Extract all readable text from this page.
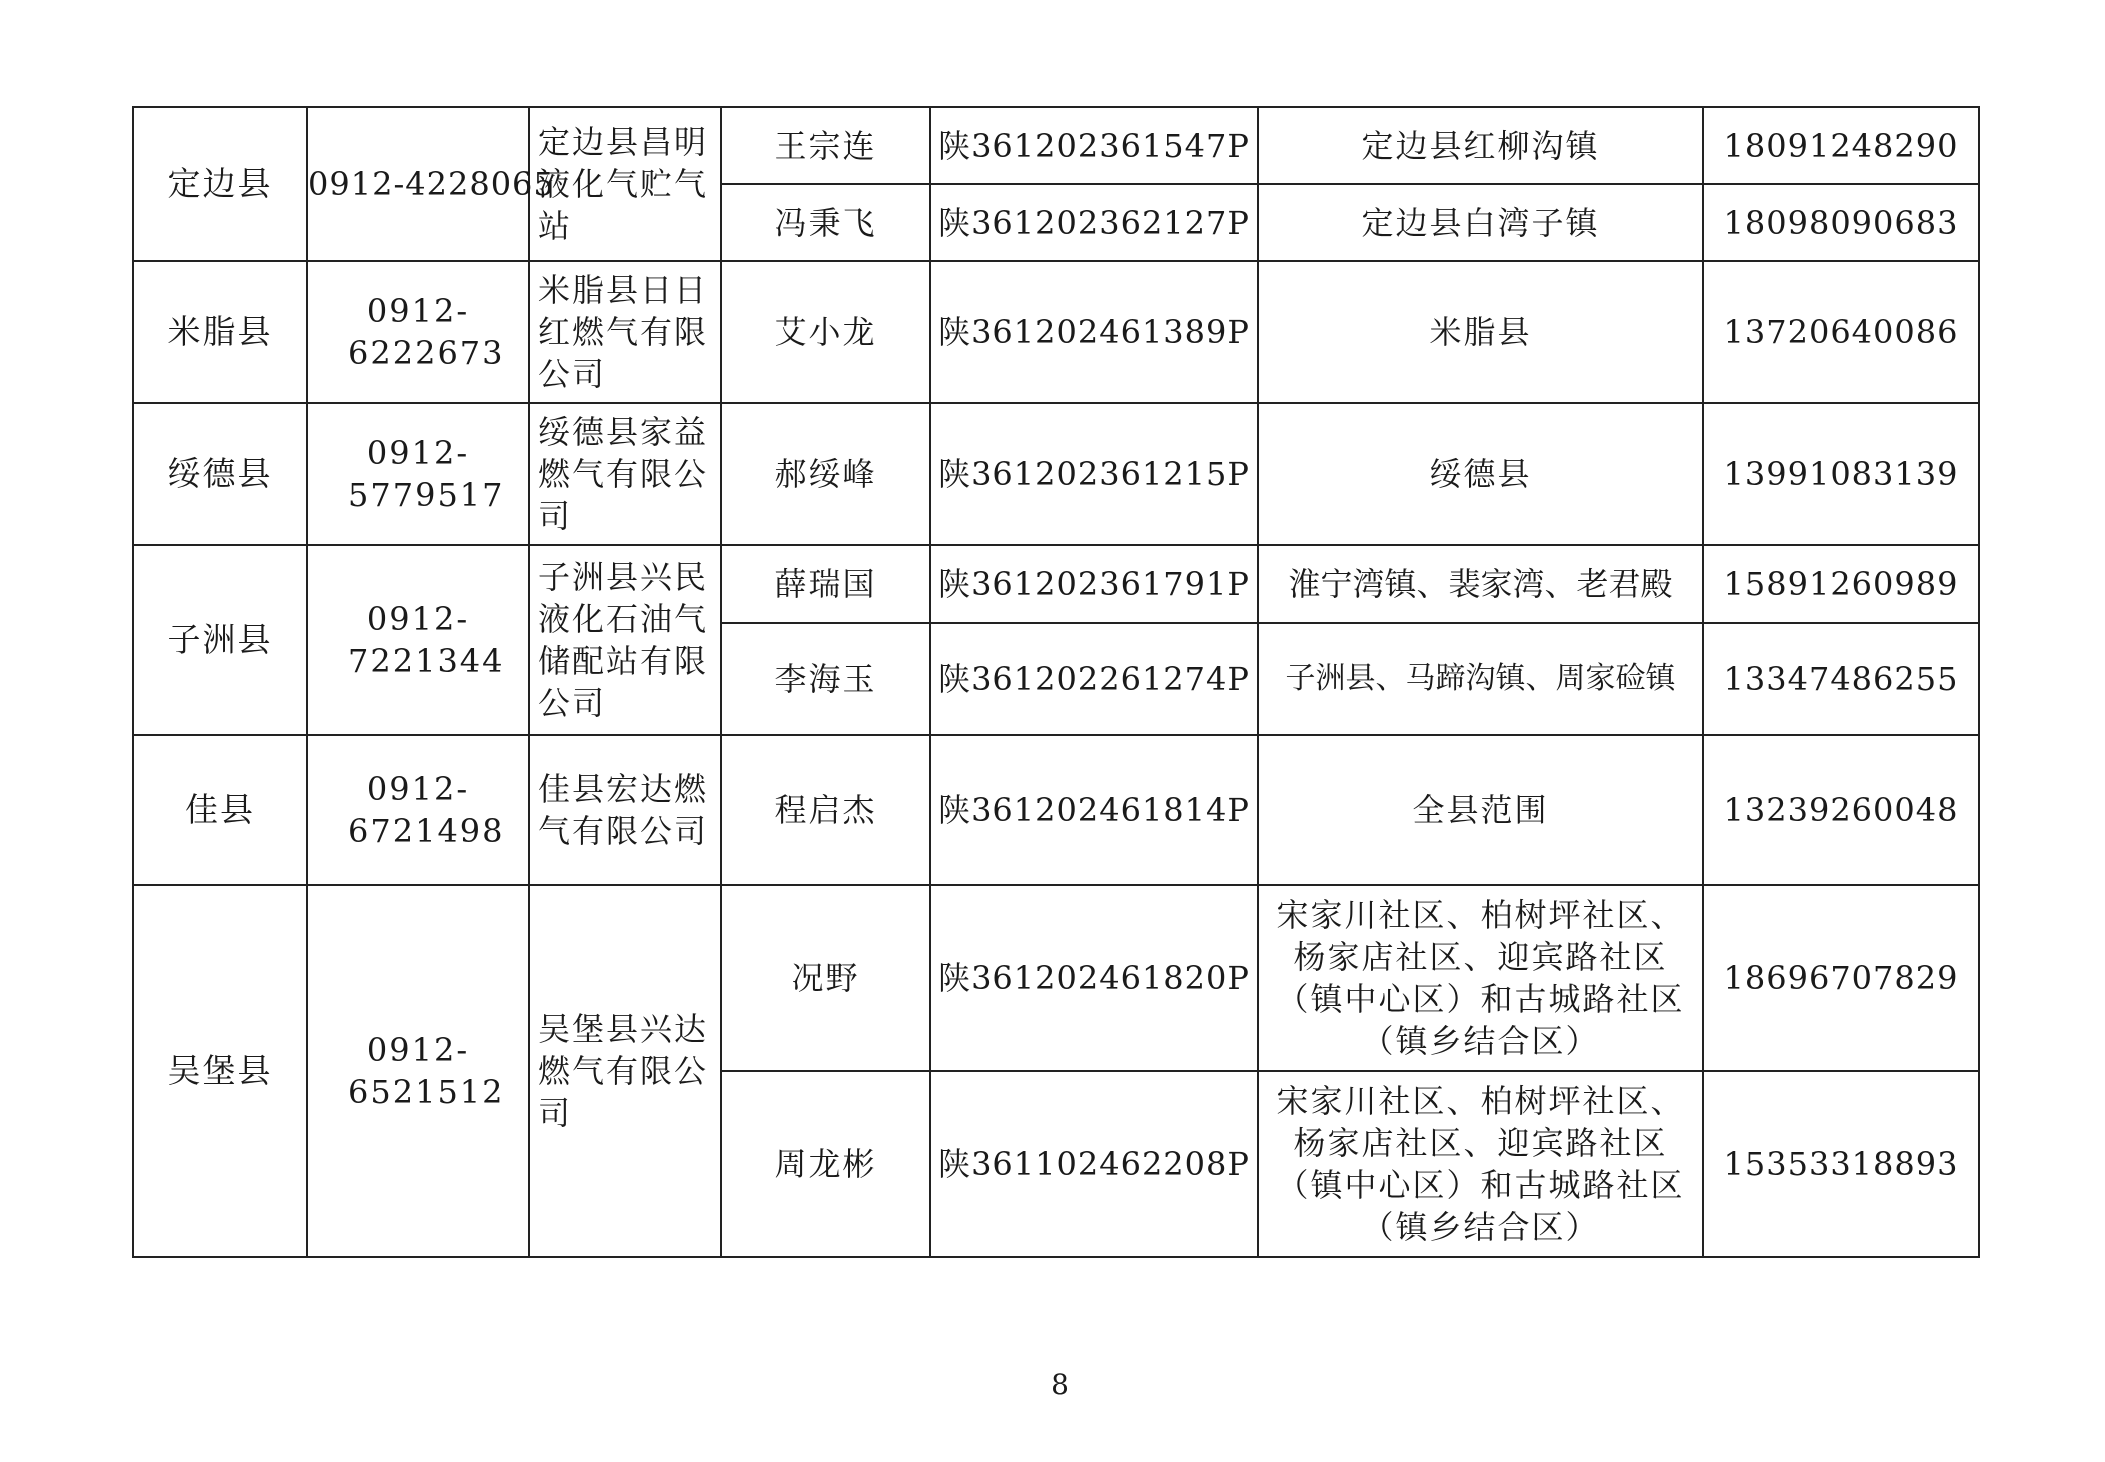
定边县	0912-4228065	定边县昌明液化气贮气站	王宗连	陕361202361547P	定边县红柳沟镇	18091248290
			冯秉飞	陕361202362127P	定边县白湾子镇	18098090683
米脂县	0912-6222673	米脂县日日红燃气有限公司	艾小龙	陕361202461389P	米脂县	13720640086
绥德县	0912-5779517	绥德县家益燃气有限公司	郝绥峰	陕361202361215P	绥德县	13991083139
子洲县	0912-7221344	子洲县兴民液化石油气储配站有限公司	薛瑞国	陕361202361791P	淮宁湾镇、裴家湾、老君殿	15891260989
			李海玉	陕361202261274P	子洲县、马蹄沟镇、周家硷镇	13347486255
佳县	0912-6721498	佳县宏达燃气有限公司	程启杰	陕361202461814P	全县范围	13239260048
吴堡县	0912-6521512	吴堡县兴达燃气有限公司	况野	陕361202461820P	宋家川社区、柏树坪社区、杨家店社区、迎宾路社区（镇中心区）和古城路社区（镇乡结合区）	18696707829
			周龙彬	陕361102462208P	宋家川社区、柏树坪社区、杨家店社区、迎宾路社区（镇中心区）和古城路社区（镇乡结合区）	15353318893
8
